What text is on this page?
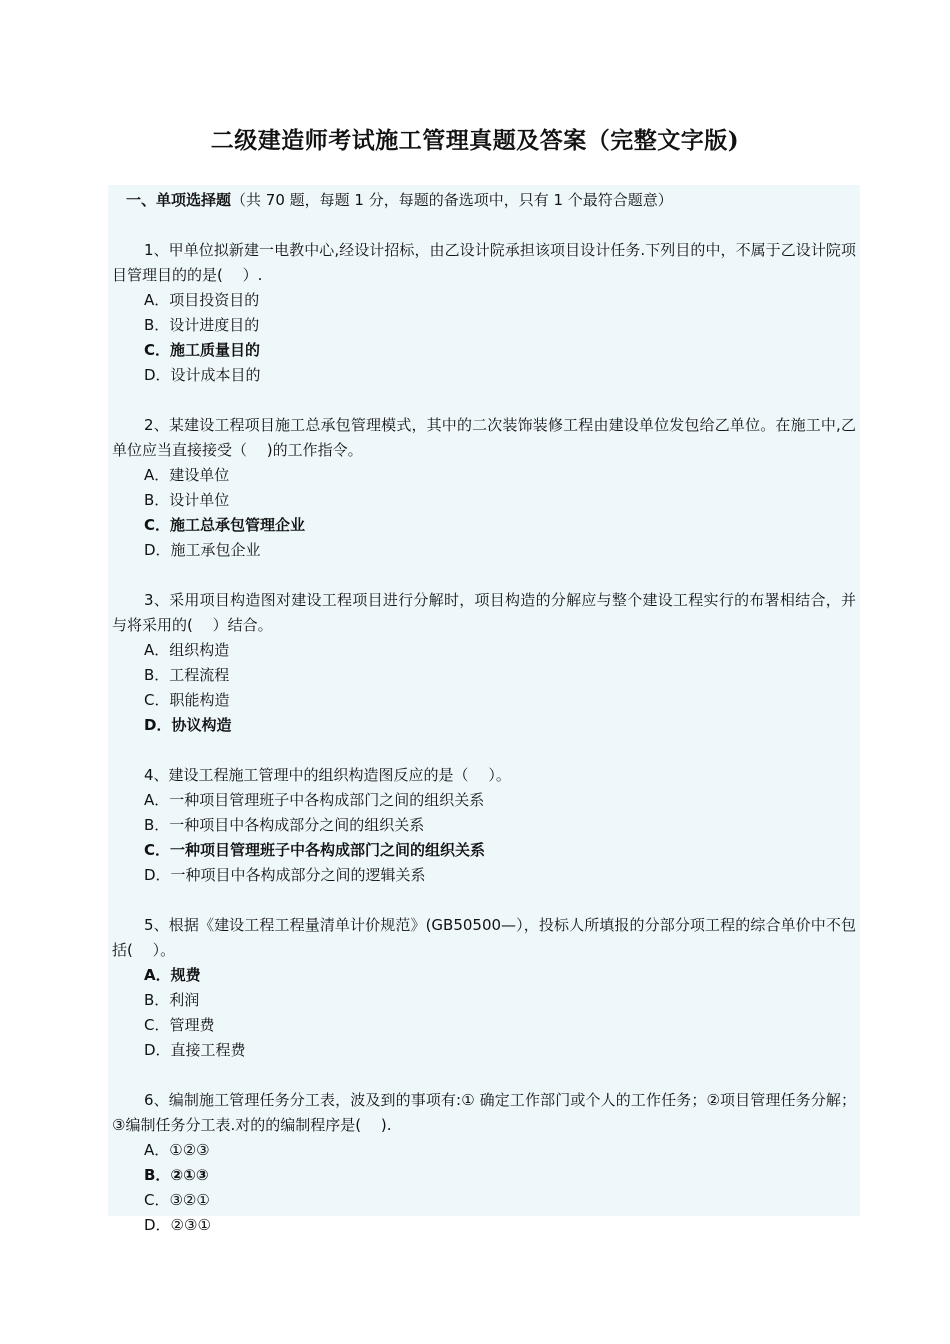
二级建造师考试施工管理真题及答案（完整文字版)
一、单项选择题（共 70 题，每题 1 分，每题的备选项中，只有 1 个最符合题意）

1、甲单位拟新建一电教中心,经设计招标，由乙设计院承担该项目设计任务.下列目的中，不属于乙设计院项目管理目的的是(　 ）.

A．项目投资目的

B．设计进度目的

C．施工质量目的

D．设计成本目的

2、某建设工程项目施工总承包管理模式，其中的二次装饰装修工程由建设单位发包给乙单位。在施工中,乙单位应当直接接受（　 )的工作指令。

A．建设单位

B．设计单位

C．施工总承包管理企业

D．施工承包企业

3、采用项目构造图对建设工程项目进行分解时，项目构造的分解应与整个建设工程实行的布署相结合，并与将采用的(　 ）结合。

A．组织构造

B．工程流程

C．职能构造

D．协议构造

4、建设工程施工管理中的组织构造图反应的是（　 ）。

A．一种项目管理班子中各构成部门之间的组织关系

B．一种项目中各构成部分之间的组织关系

C．一种项目管理班子中各构成部门之间的组织关系

D．一种项目中各构成部分之间的逻辑关系

5、根据《建设工程工程量清单计价规范》(GB50500—），投标人所填报的分部分项工程的综合单价中不包括(　 ）。

A．规费

B．利润

C．管理费

D．直接工程费

6、编制施工管理任务分工表，波及到的事项有:① 确定工作部门或个人的工作任务；②项目管理任务分解；③编制任务分工表.对的的编制程序是(　 ).

A．①②③

B．②①③

C．③②①

D．②③①
